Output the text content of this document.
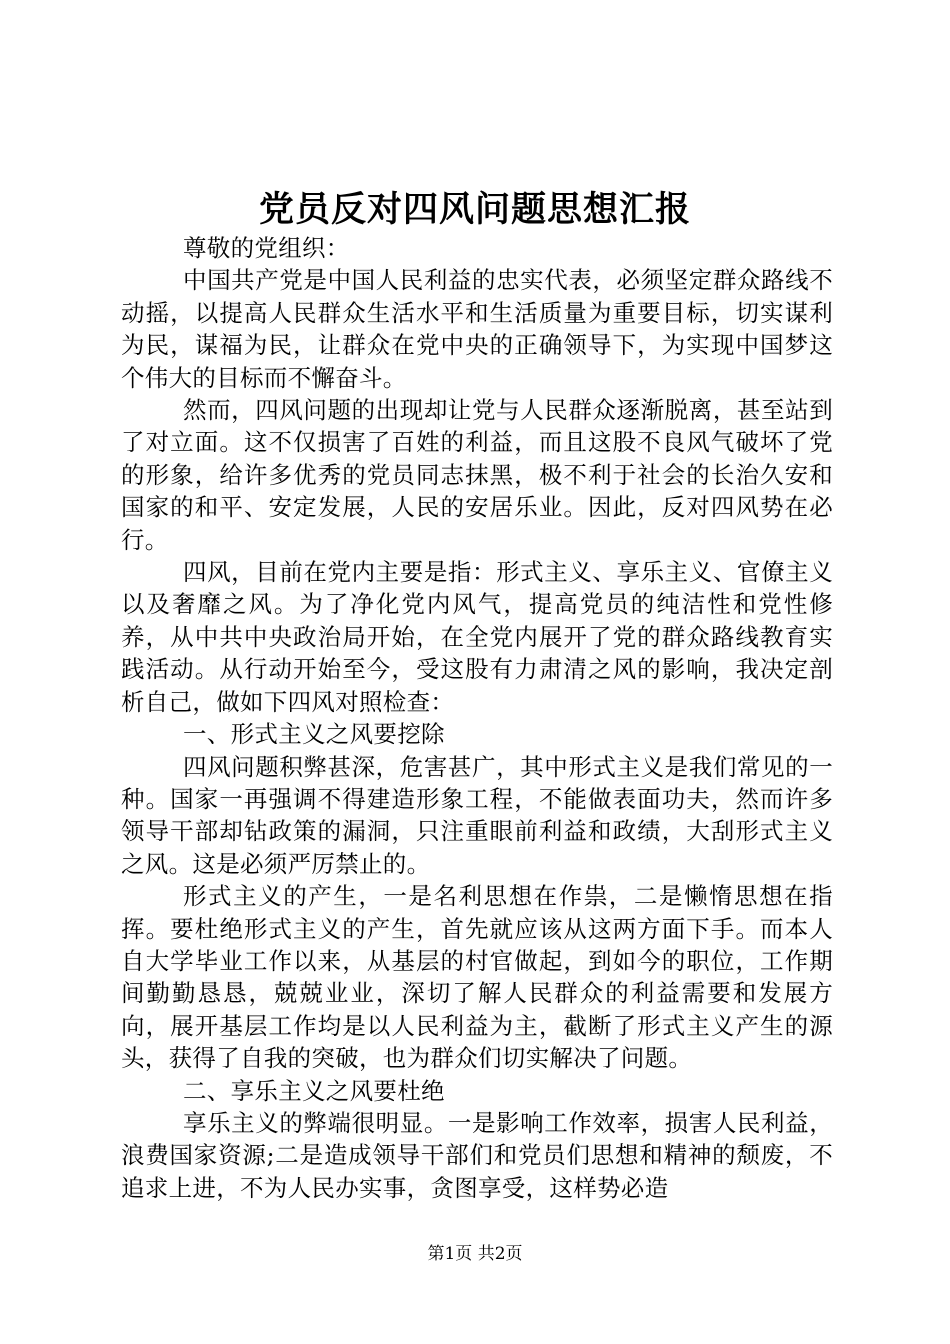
党员反对四风问题思想汇报

尊敬的党组织：

中国共产党是中国人民利益的忠实代表，必须坚定群众路线不动摇，以提高人民群众生活水平和生活质量为重要目标，切实谋利为民，谋福为民，让群众在党中央的正确领导下，为实现中国梦这个伟大的目标而不懈奋斗。

然而，四风问题的出现却让党与人民群众逐渐脱离，甚至站到了对立面。这不仅损害了百姓的利益，而且这股不良风气破坏了党的形象，给许多优秀的党员同志抹黑，极不利于社会的长治久安和国家的和平、安定发展，人民的安居乐业。因此，反对四风势在必行。

四风，目前在党内主要是指：形式主义、享乐主义、官僚主义以及奢靡之风。为了净化党内风气，提高党员的纯洁性和党性修养，从中共中央政治局开始，在全党内展开了党的群众路线教育实践活动。从行动开始至今，受这股有力肃清之风的影响，我决定剖析自己，做如下四风对照检查：

一、形式主义之风要挖除

四风问题积弊甚深，危害甚广，其中形式主义是我们常见的一种。国家一再强调不得建造形象工程，不能做表面功夫，然而许多领导干部却钻政策的漏洞，只注重眼前利益和政绩，大刮形式主义之风。这是必须严厉禁止的。

形式主义的产生，一是名利思想在作祟，二是懒惰思想在指挥。要杜绝形式主义的产生，首先就应该从这两方面下手。而本人自大学毕业工作以来，从基层的村官做起，到如今的职位，工作期间勤勤恳恳，兢兢业业，深切了解人民群众的利益需要和发展方向，展开基层工作均是以人民利益为主，截断了形式主义产生的源头，获得了自我的突破，也为群众们切实解决了问题。

二、享乐主义之风要杜绝

享乐主义的弊端很明显。一是影响工作效率，损害人民利益，浪费国家资源;二是造成领导干部们和党员们思想和精神的颓废，不追求上进，不为人民办实事，贪图享受，这样势必造

第1页 共2页
